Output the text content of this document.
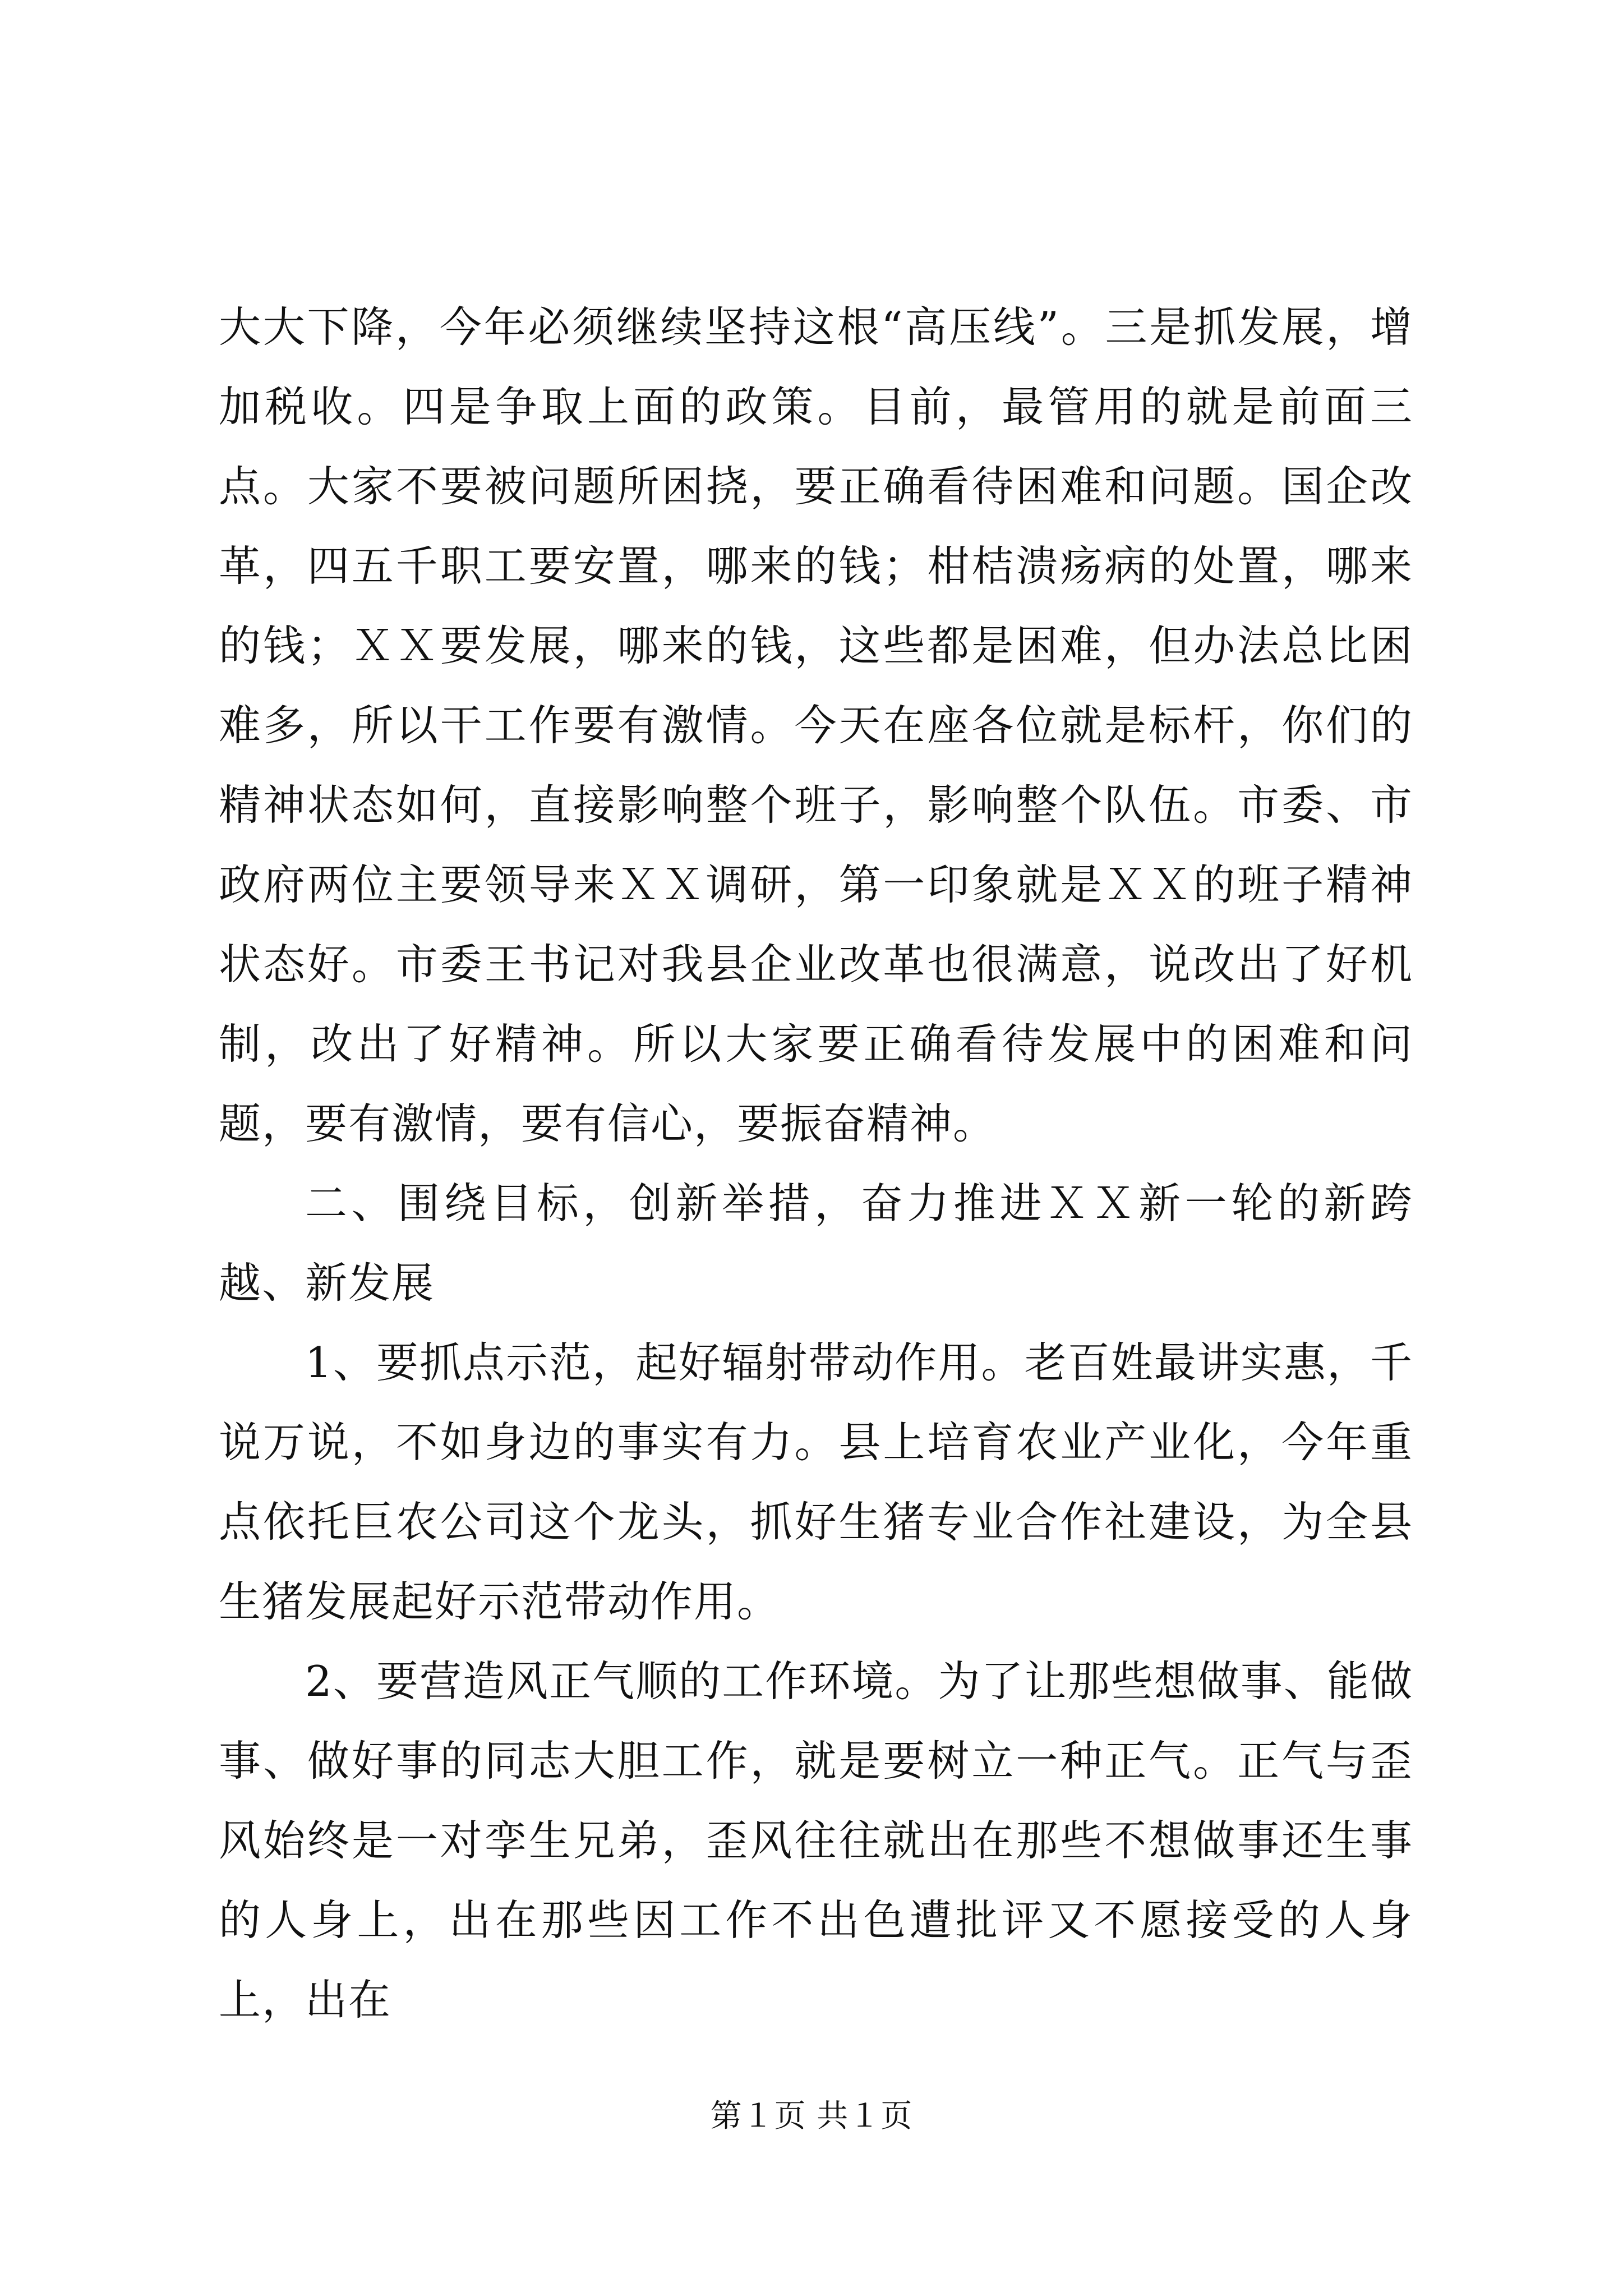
大大下降，今年必须继续坚持这根“高压线”。三是抓发展，增加税收。四是争取上面的政策。目前，最管用的就是前面三点。大家不要被问题所困挠，要正确看待困难和问题。国企改革，四五千职工要安置，哪来的钱；柑桔溃疡病的处置，哪来的钱；ＸＸ要发展，哪来的钱，这些都是困难，但办法总比困难多，所以干工作要有激情。今天在座各位就是标杆，你们的精神状态如何，直接影响整个班子，影响整个队伍。市委、市政府两位主要领导来ＸＸ调研，第一印象就是ＸＸ的班子精神状态好。市委王书记对我县企业改革也很满意，说改出了好机制，改出了好精神。所以大家要正确看待发展中的困难和问题，要有激情，要有信心，要振奋精神。

二、围绕目标，创新举措，奋力推进ＸＸ新一轮的新跨越、新发展

1、要抓点示范，起好辐射带动作用。老百姓最讲实惠，千说万说，不如身边的事实有力。县上培育农业产业化，今年重点依托巨农公司这个龙头，抓好生猪专业合作社建设，为全县生猪发展起好示范带动作用。

2、要营造风正气顺的工作环境。为了让那些想做事、能做事、做好事的同志大胆工作，就是要树立一种正气。正气与歪风始终是一对孪生兄弟，歪风往往就出在那些不想做事还生事的人身上，出在那些因工作不出色遭批评又不愿接受的人身上，出在

第１页 共１页
